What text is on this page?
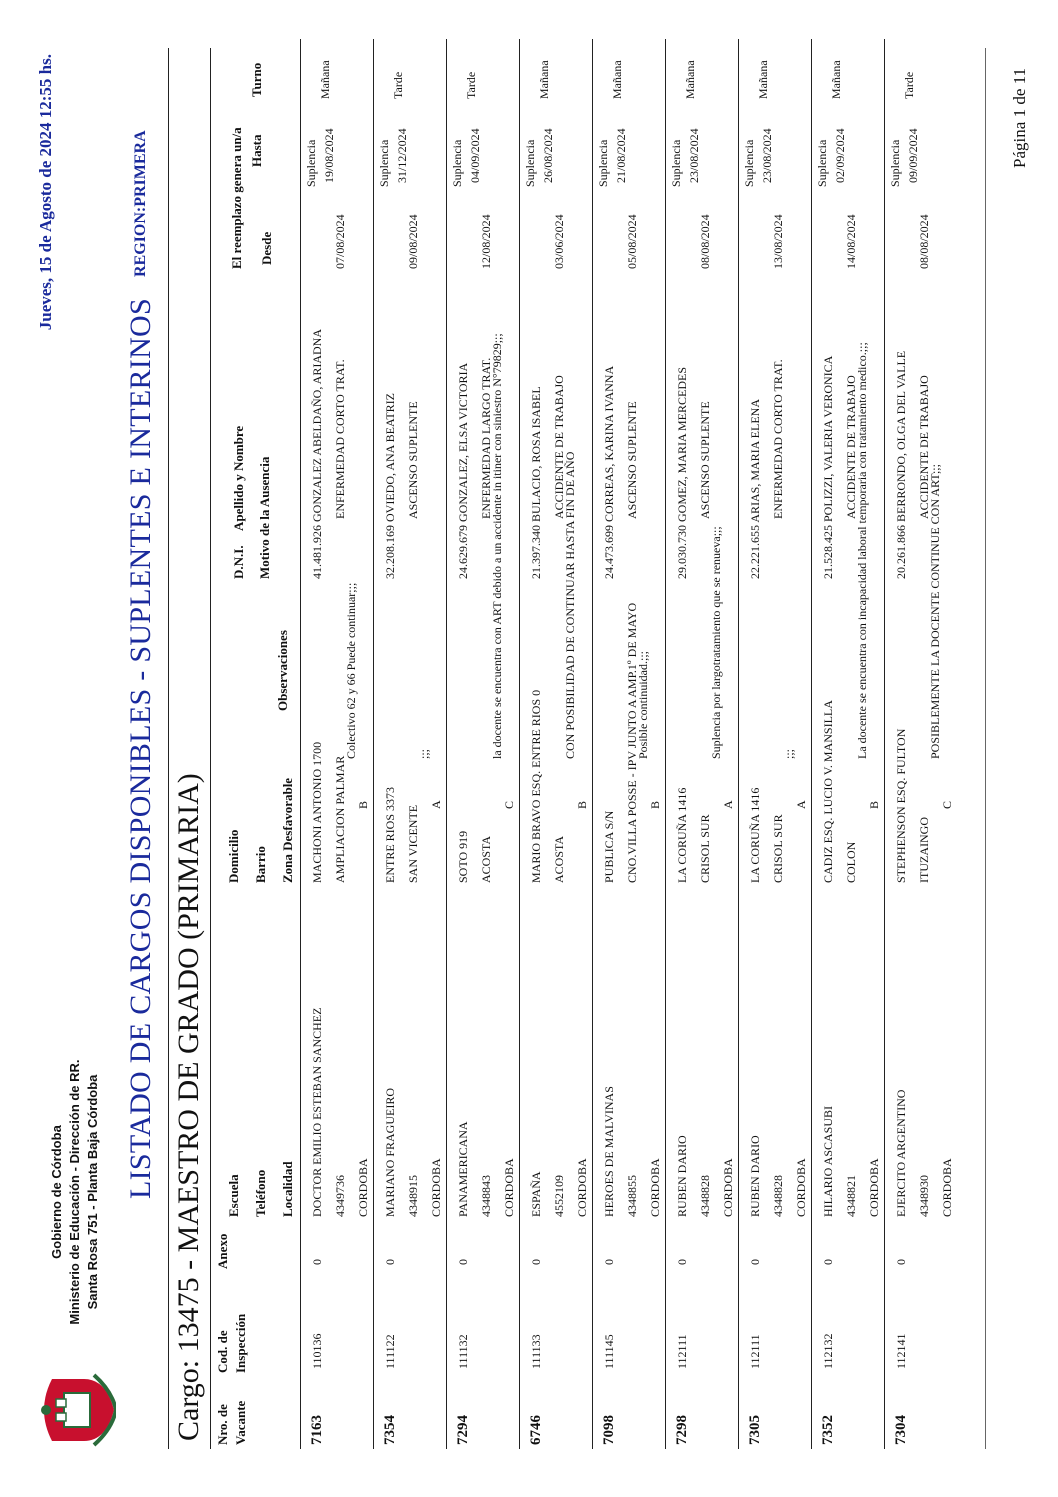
Gobierno de Córdoba Ministerio de Educación - Dirección de RR. Santa Rosa 751 - Planta Baja Córdoba
Jueves, 15 de Agosto de 2024 12:55 hs.
LISTADO DE CARGOS DISPONIBLES - SUPLENTES E INTERINOS
REGION:PRIMERA
Cargo: 13475 - MAESTRO DE GRADO (PRIMARIA) Nro. de Vacante
Cod. de Inspección
Anexo
Escuela Teléfono Localidad
Domicilio Barrio Zona Desfavorable
Observaciones
D.N.I.
Apellido y Nombre Motivo de la Ausencia
El reemplazo genera un/a Desde
Hasta
Turno
7163
110136
0
DOCTOR EMILIO ESTEBAN SANCHEZ 4349736 CORDOBA
MACHONI ANTONIO 1700 AMPLIACION PALMAR B
Colectivo 62 y 66 Puede continuar;;;
41.481.926 GONZALEZ ABELDAÑO, ARIADNA ENFERMEDAD CORTO TRAT.
07/08/2024
Suplencia 19/08/2024
Mañana
7354
111122
0
MARIANO FRAGUEIRO 4348915 CORDOBA
ENTRE RIOS 3373 SAN VICENTE
A
;;;
32.208.169 OVIEDO, ANA BEATRIZ ASCENSO SUPLENTE
09/08/2024
Suplencia 31/12/2024
Tarde
7294
111132
0
PANAMERICANA 4348843 CORDOBA
SOTO 919 ACOSTA
C
la docente se encuentra con ART debido a un accidente in itiner con siniestro N°79829;;;
24.629.679 GONZALEZ, ELSA VICTORIA ENFERMEDAD LARGO TRAT.
12/08/2024
Suplencia 04/09/2024
Tarde
6746
111133
0
ESPAÑA 4552109 CORDOBA
MARIO BRAVO ESQ. ENTRE RIOS 0 ACOSTA
B
CON POSIBILIDAD DE CONTINUAR HASTA FIN DE AÑO
21.397.340 BULACIO, ROSA ISABEL ACCIDENTE DE TRABAJO
03/06/2024
Suplencia 26/08/2024
Mañana
7098
111145
0
HEROES DE MALVINAS 4348855 CORDOBA
PUBLICA S/N CNO.VILLA POSSE - IPV JUNTO A AMP.1º DE MAYO B
Posible continuidad.;;;
24.473.699 CORREAS, KARINA IVANNA ASCENSO SUPLENTE
05/08/2024
Suplencia 21/08/2024
Mañana
7298
112111
0
RUBEN DARIO 4348828 CORDOBA
LA CORUÑA 1416 CRISOL SUR
A
Suplencia por largotratamiento que se renueva;;;
29.030.730 GOMEZ, MARIA MERCEDES ASCENSO SUPLENTE
08/08/2024
Suplencia 23/08/2024
Mañana
7305
112111
0
RUBEN DARIO 4348828 CORDOBA
LA CORUÑA 1416 CRISOL SUR
A
;;;
22.221.655 ARIAS, MARIA ELENA ENFERMEDAD CORTO TRAT.
13/08/2024
Suplencia 23/08/2024
Mañana
7352
112132
0
HILARIO ASCASUBI 4348821 CORDOBA
CADIZ ESQ. LUCIO V. MANSILLA COLON
B
La docente se encuentra con incapacidad laboral temporaria con tratamiento medico.;;;
21.528.425 POLIZZI, VALERIA VERONICA ACCIDENTE DE TRABAJO
14/08/2024
Suplencia 02/09/2024
Mañana
7304
112141
0
EJERCITO ARGENTINO 4348930 CORDOBA
STEPHENSON ESQ. FULTON ITUZAINGO
C
POSIBLEMENTE LA DOCENTE CONTINUE CON ART;;;
20.261.866 BERRONDO, OLGA DEL VALLE ACCIDENTE DE TRABAJO
08/08/2024
Suplencia 09/09/2024
Tarde	Página 1 de 11
